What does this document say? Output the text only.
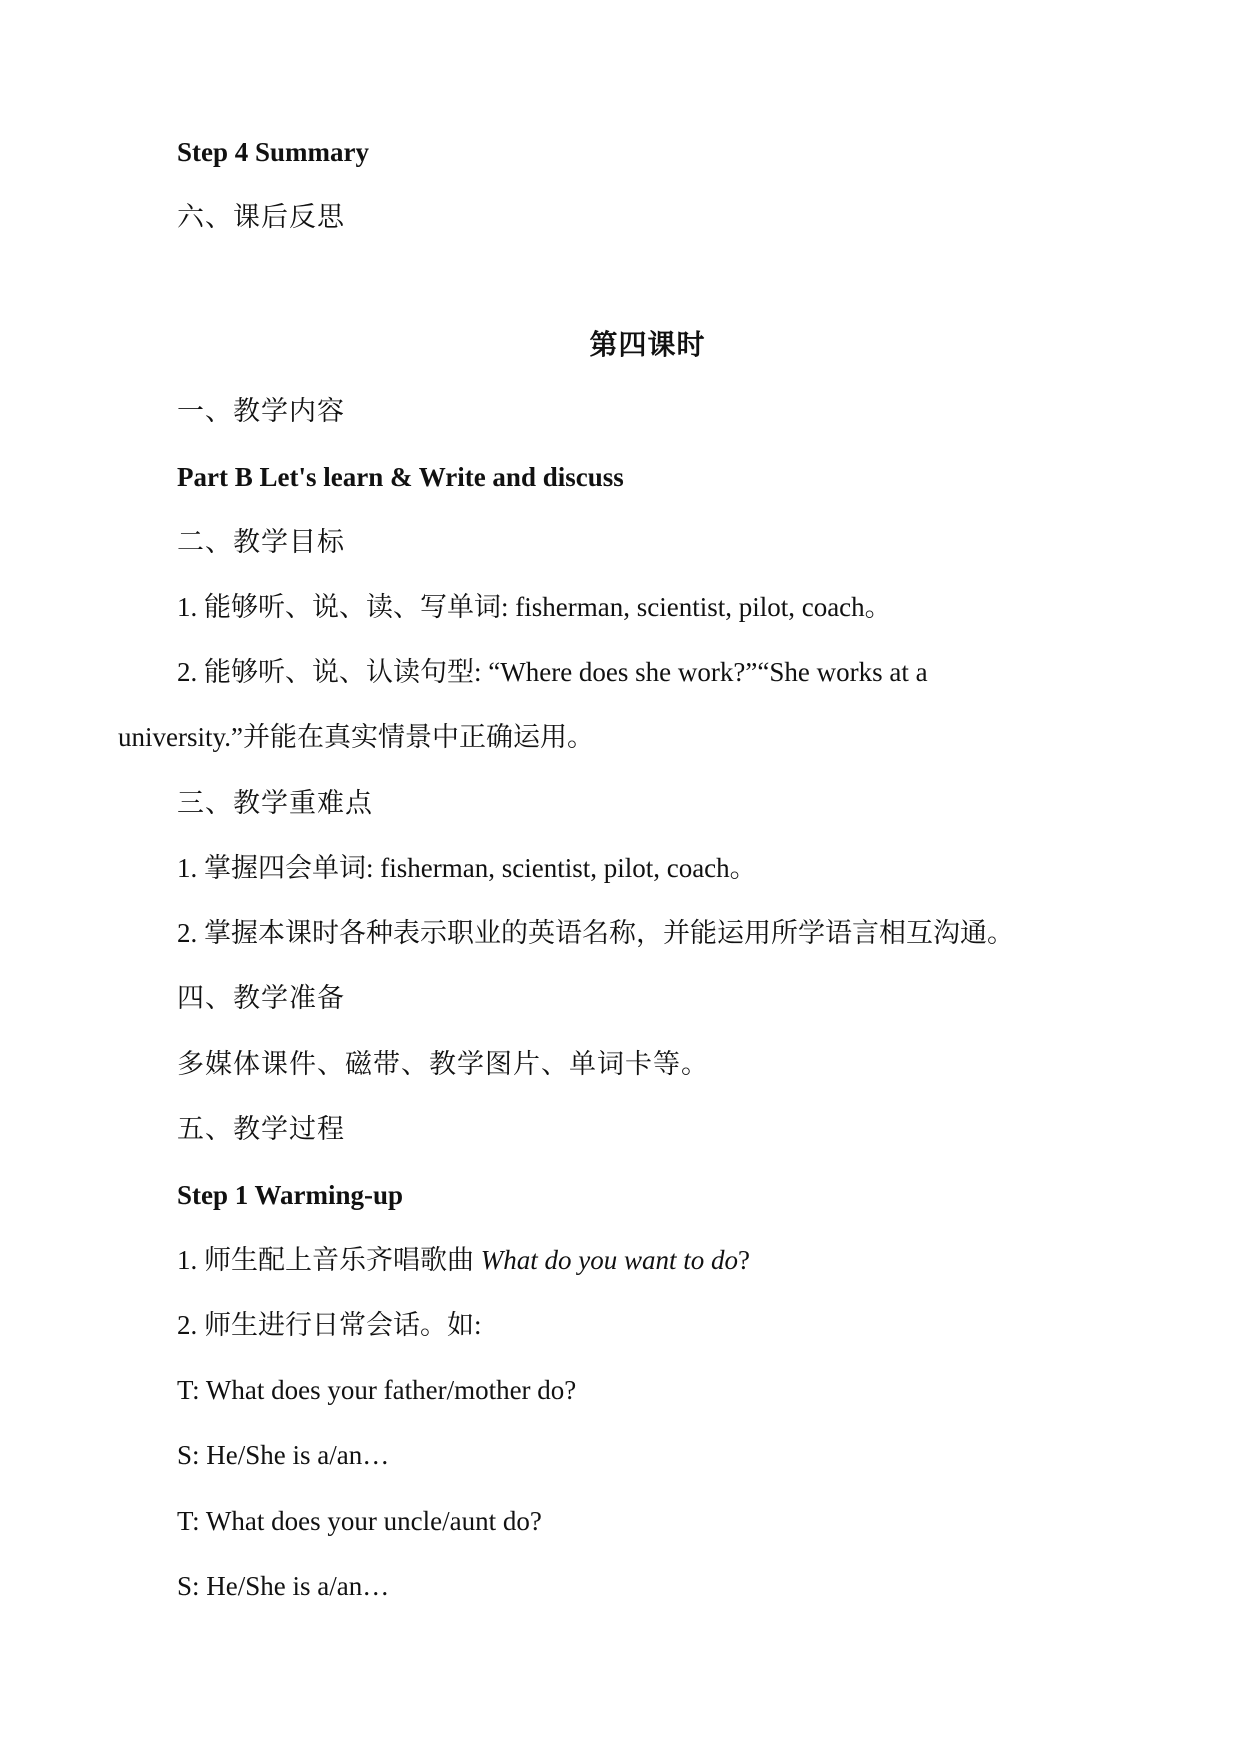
Step 4 Summary
六、课后反思
第四课时
一、教学内容
Part B Let's learn & Write and discuss
二、教学目标
1. 能够听、说、读、写单词: fisherman, scientist, pilot, coach。
2. 能够听、说、认读句型: “Where does she work?”“She works at a
university.”并能在真实情景中正确运用。
三、教学重难点
1. 掌握四会单词: fisherman, scientist, pilot, coach。
2. 掌握本课时各种表示职业的英语名称，并能运用所学语言相互沟通。
四、教学准备
多媒体课件、磁带、教学图片、单词卡等。
五、教学过程
Step 1 Warming-up
1. 师生配上音乐齐唱歌曲 What do you want to do?
2. 师生进行日常会话。如:
T: What does your father/mother do?
S: He/She is a/an…
T: What does your uncle/aunt do?
S: He/She is a/an…
